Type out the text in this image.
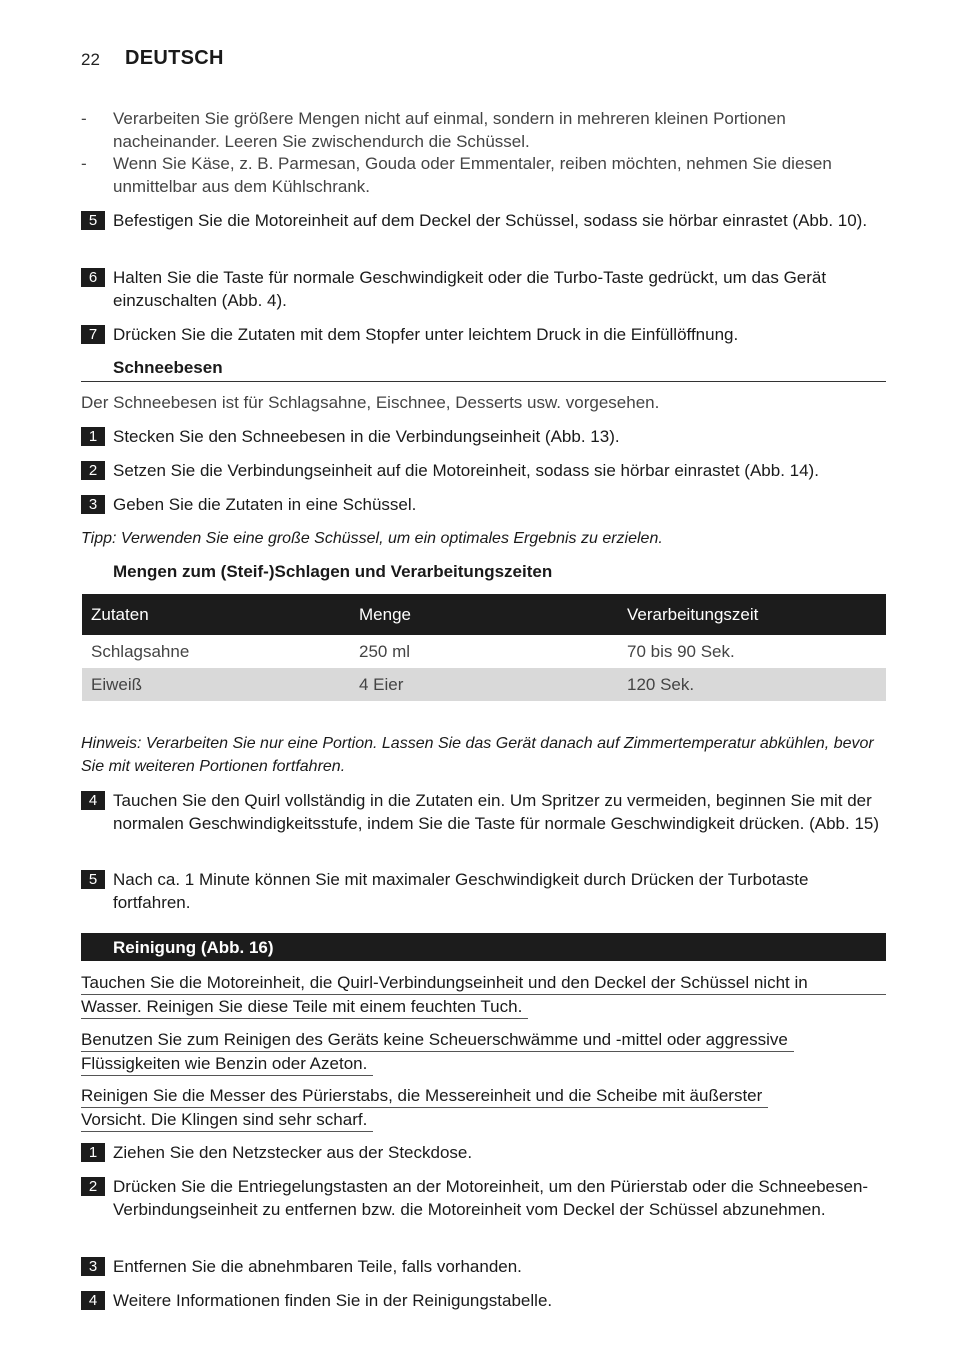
22 DEUTSCH
- Verarbeiten Sie größere Mengen nicht auf einmal, sondern in mehreren kleinen Portionen nacheinander. Leeren Sie zwischendurch die Schüssel.
- Wenn Sie Käse, z. B. Parmesan, Gouda oder Emmentaler, reiben möchten, nehmen Sie diesen unmittelbar aus dem Kühlschrank.
5 Befestigen Sie die Motoreinheit auf dem Deckel der Schüssel, sodass sie hörbar einrastet (Abb. 10).
6 Halten Sie die Taste für normale Geschwindigkeit oder die Turbo-Taste gedrückt, um das Gerät einzuschalten (Abb. 4).
7 Drücken Sie die Zutaten mit dem Stopfer unter leichtem Druck in die Einfüllöffnung.
Schneebesen
Der Schneebesen ist für Schlagsahne, Eischnee, Desserts usw. vorgesehen.
1 Stecken Sie den Schneebesen in die Verbindungseinheit (Abb. 13).
2 Setzen Sie die Verbindungseinheit auf die Motoreinheit, sodass sie hörbar einrastet (Abb. 14).
3 Geben Sie die Zutaten in eine Schüssel.
Tipp: Verwenden Sie eine große Schüssel, um ein optimales Ergebnis zu erzielen.
Mengen zum (Steif-)Schlagen und Verarbeitungszeiten
Zutaten	Menge	Verarbeitungszeit
Schlagsahne	250 ml	70 bis 90 Sek.
Eiweiß	4 Eier	120 Sek.
Hinweis: Verarbeiten Sie nur eine Portion. Lassen Sie das Gerät danach auf Zimmertemperatur abkühlen, bevor Sie mit weiteren Portionen fortfahren.
4 Tauchen Sie den Quirl vollständig in die Zutaten ein. Um Spritzer zu vermeiden, beginnen Sie mit der normalen Geschwindigkeitsstufe, indem Sie die Taste für normale Geschwindigkeit drücken. (Abb. 15)
5 Nach ca. 1 Minute können Sie mit maximaler Geschwindigkeit durch Drücken der Turbotaste fortfahren.
Reinigung (Abb. 16)
Tauchen Sie die Motoreinheit, die Quirl-Verbindungseinheit und den Deckel der Schüssel nicht in
Wasser. Reinigen Sie diese Teile mit einem feuchten Tuch.
Benutzen Sie zum Reinigen des Geräts keine Scheuerschwämme und -mittel oder aggressive
Flüssigkeiten wie Benzin oder Azeton.
Reinigen Sie die Messer des Pürierstabs, die Messereinheit und die Scheibe mit äußerster
Vorsicht. Die Klingen sind sehr scharf.
1 Ziehen Sie den Netzstecker aus der Steckdose.
2 Drücken Sie die Entriegelungstasten an der Motoreinheit, um den Pürierstab oder die Schneebesen-Verbindungseinheit zu entfernen bzw. die Motoreinheit vom Deckel der Schüssel abzunehmen.
3 Entfernen Sie die abnehmbaren Teile, falls vorhanden.
4 Weitere Informationen finden Sie in der Reinigungstabelle.
